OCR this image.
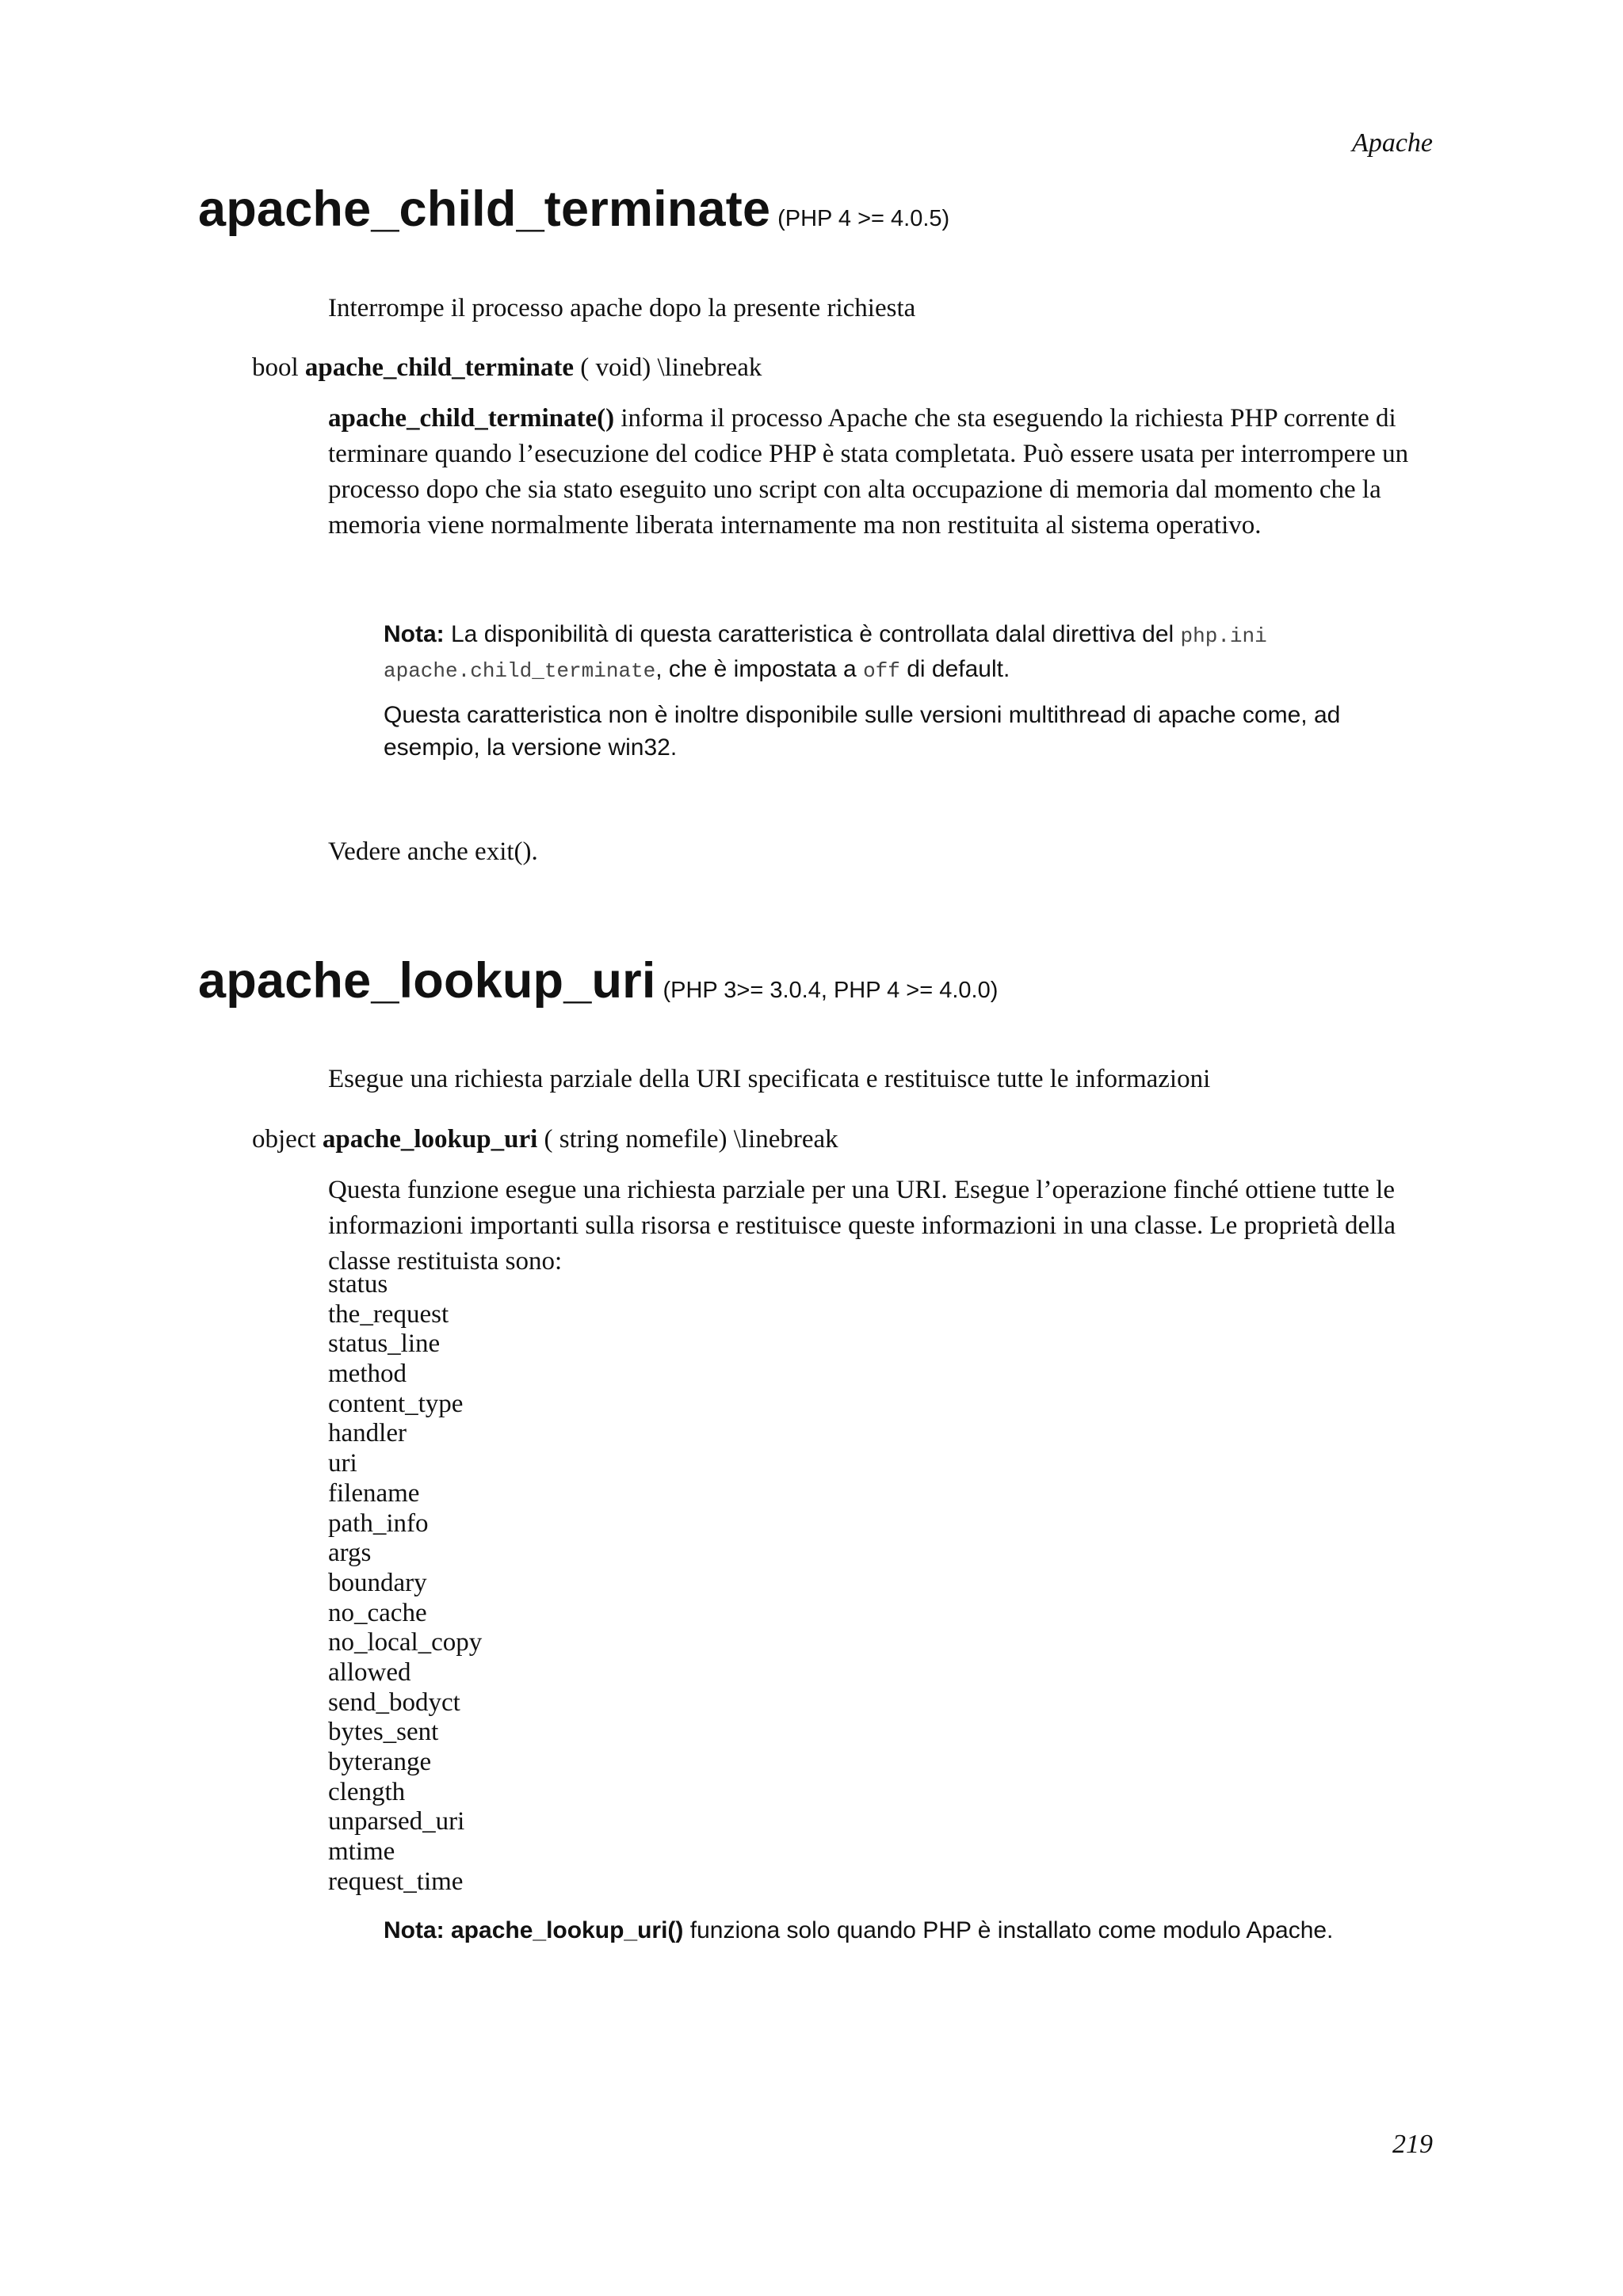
Apache
apache_child_terminate (PHP 4 >= 4.0.5)

Interrompe il processo apache dopo la presente richiesta

bool apache_child_terminate ( void) \linebreak

apache_child_terminate() informa il processo Apache che sta eseguendo la richiesta PHP corrente di terminare quando l’esecuzione del codice PHP è stata completata. Può essere usata per interrompere un processo dopo che sia stato eseguito uno script con alta occupazione di memoria dal momento che la memoria viene normalmente liberata internamente ma non restituita al sistema operativo.

Nota: La disponibilità di questa caratteristica è controllata dalal direttiva del php.ini
apache.child_terminate, che è impostata a off di default.

Questa caratteristica non è inoltre disponibile sulle versioni multithread di apache come, ad esempio, la versione win32.

Vedere anche exit().

apache_lookup_uri (PHP 3>= 3.0.4, PHP 4 >= 4.0.0)

Esegue una richiesta parziale della URI specificata e restituisce tutte le informazioni

object apache_lookup_uri ( string nomefile) \linebreak

Questa funzione esegue una richiesta parziale per una URI. Esegue l’operazione finché ottiene tutte le informazioni importanti sulla risorsa e restituisce queste informazioni in una classe. Le proprietà della classe restituista sono:

status
the_request
status_line
method
content_type
handler
uri
filename
path_info
args
boundary
no_cache
no_local_copy
allowed
send_bodyct
bytes_sent
byterange
clength
unparsed_uri
mtime
request_time

Nota: apache_lookup_uri() funziona solo quando PHP è installato come modulo Apache.

219
